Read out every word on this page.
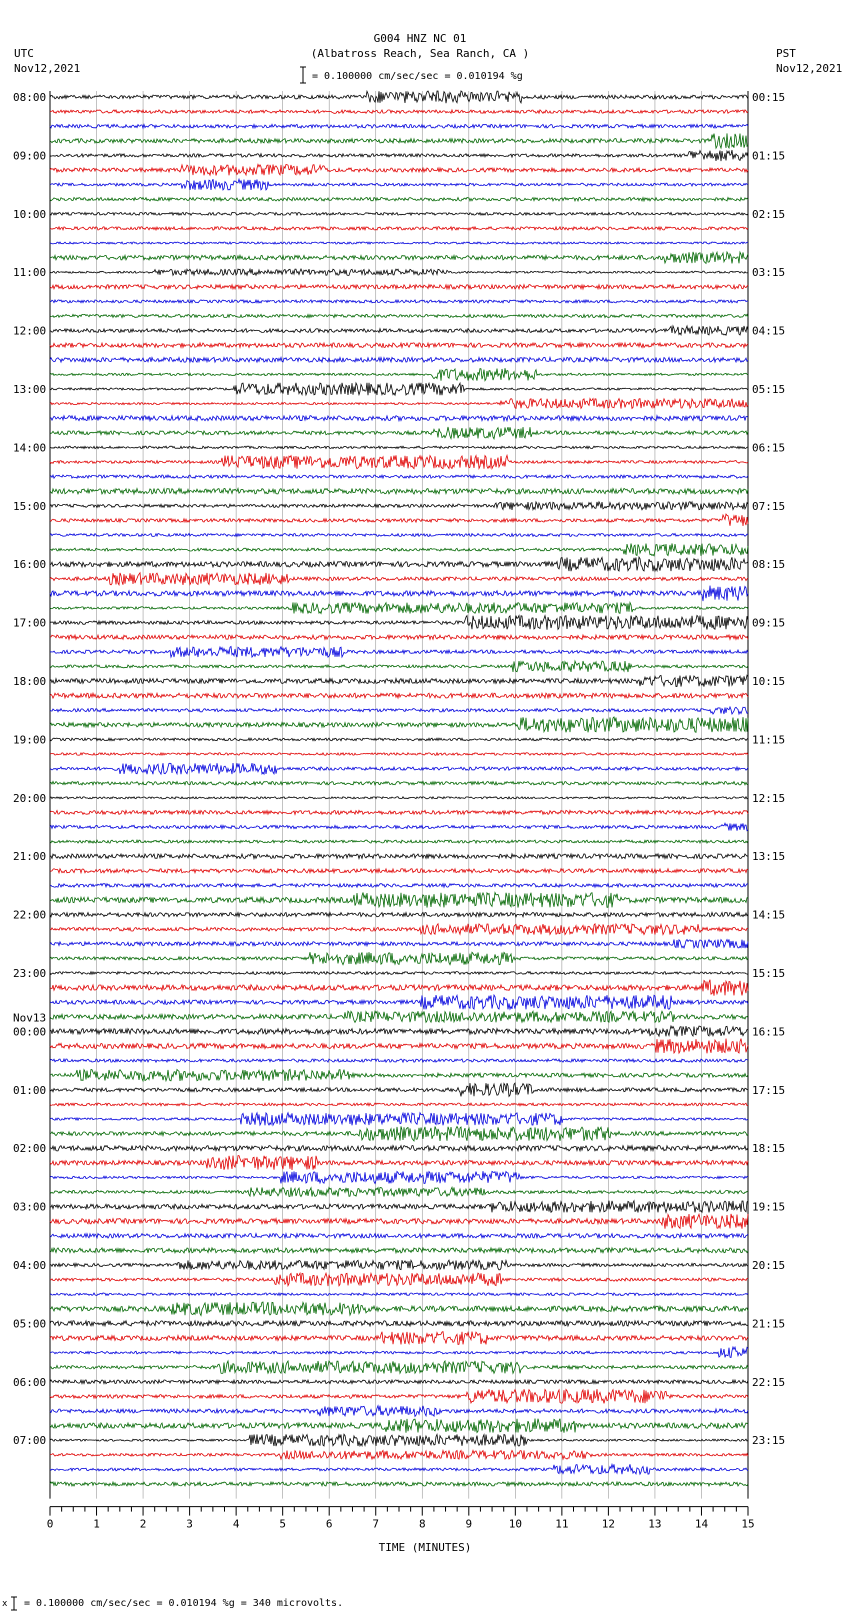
0	1	2	3	4	5	6	7	8	9	10	11	12	13	14	15
08:00
09:00
10:00
11:00
12:00
13:00
14:00
15:00
16:00
17:00
18:00
19:00
20:00
21:00
22:00
23:00
Nov13
00:00
01:00
02:00
03:00
04:00
05:00
06:00
07:00
00:15
01:15
02:15
03:15
04:15
05:15
06:15
07:15
08:15
09:15
10:15
11:15
12:15
13:15
14:15
15:15
16:15
17:15
18:15
19:15
20:15
21:15
22:15
23:15
G004 HNZ NC 01
(Albatross Reach, Sea Ranch, CA )
= 0.100000 cm/sec/sec = 0.010194 %g
UTC
Nov12,2021
PST
Nov12,2021
TIME (MINUTES)
x = 0.100000 cm/sec/sec = 0.010194 %g = 340 microvolts.
